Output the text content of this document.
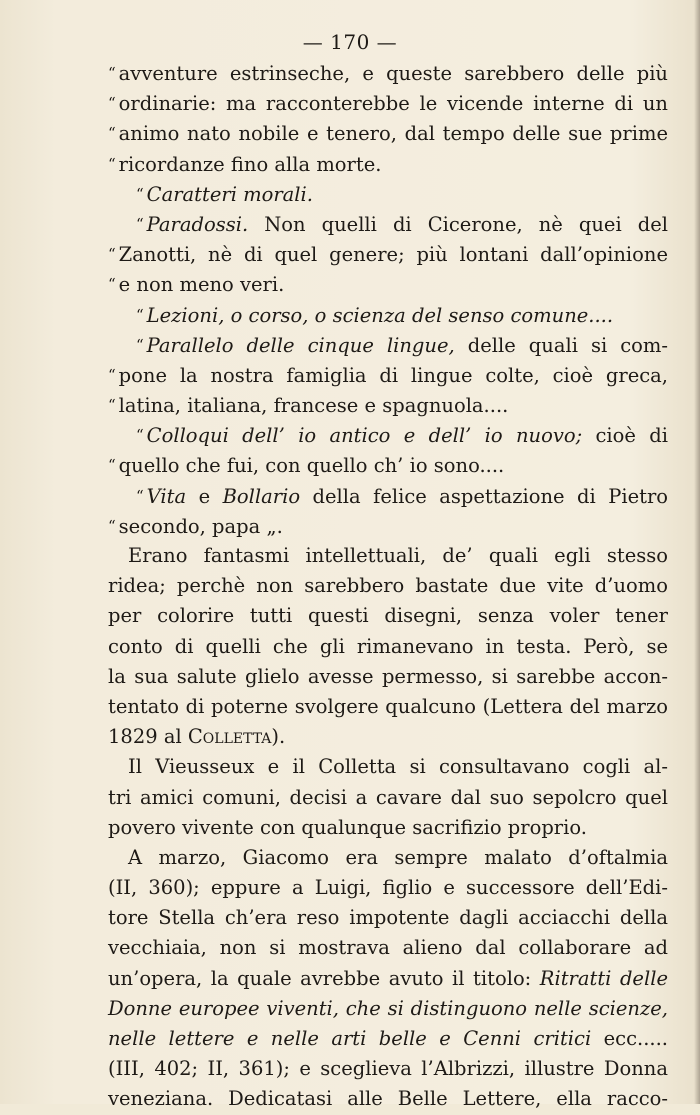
— 170 —
“ avventure estrinseche, e queste sarebbero delle più
“ ordinarie: ma racconterebbe le vicende interne di un
“ animo nato nobile e tenero, dal tempo delle sue prime
“ ricordanze fino alla morte.
“ Caratteri morali.
“ Paradossi. Non quelli di Cicerone, nè quei del
“ Zanotti, nè di quel genere; più lontani dall’opinione
“ e non meno veri.
“ Lezioni, o corso, o scienza del senso comune....
“ Parallelo delle cinque lingue, delle quali si com-
“ pone la nostra famiglia di lingue colte, cioè greca,
“ latina, italiana, francese e spagnuola....
“ Colloqui dell’ io antico e dell’ io nuovo; cioè di
“ quello che fui, con quello ch’ io sono....
“ Vita e Bollario della felice aspettazione di Pietro
“ secondo, papa „.
Erano fantasmi intellettuali, de’ quali egli stesso
ridea; perchè non sarebbero bastate due vite d’uomo
per colorire tutti questi disegni, senza voler tener
conto di quelli che gli rimanevano in testa. Però, se
la sua salute glielo avesse permesso, si sarebbe accon-
tentato di poterne svolgere qualcuno (Lettera del marzo
1829 al Colletta).
Il Vieusseux e il Colletta si consultavano cogli al-
tri amici comuni, decisi a cavare dal suo sepolcro quel
povero vivente con qualunque sacrifizio proprio.
A marzo, Giacomo era sempre malato d’oftalmia
(II, 360); eppure a Luigi, figlio e successore dell’Edi-
tore Stella ch’era reso impotente dagli acciacchi della
vecchiaia, non si mostrava alieno dal collaborare ad
un’opera, la quale avrebbe avuto il titolo: Ritratti delle
Donne europee viventi, che si distinguono nelle scienze,
nelle lettere e nelle arti belle e Cenni critici ecc.....
(III, 402; II, 361); e sceglieva l’Albrizzi, illustre Donna
veneziana. Dedicatasi alle Belle Lettere, ella racco-
